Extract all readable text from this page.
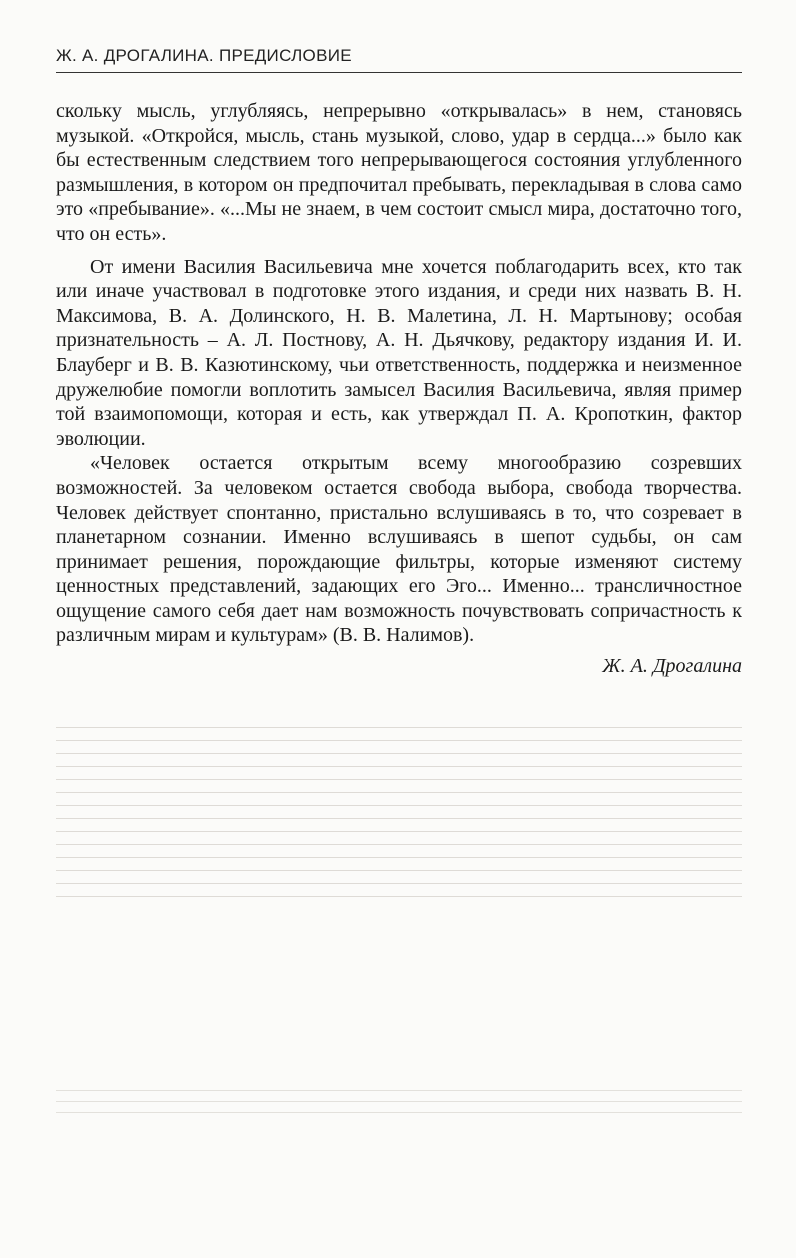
Ж. А. ДРОГАЛИНА. ПРЕДИСЛОВИЕ

скольку мысль, углубляясь, непрерывно «открывалась» в нем, становясь музыкой. «Откройся, мысль, стань музыкой, слово, удар в сердца...» было как бы естественным следствием того непрерывающегося состояния углубленного размышления, в котором он предпочитал пребывать, перекладывая в слова само это «пребывание». «...Мы не знаем, в чем состоит смысл мира, достаточно того, что он есть».

От имени Василия Васильевича мне хочется поблагодарить всех, кто так или иначе участвовал в подготовке этого издания, и среди них назвать В. Н. Максимова, В. А. Долинского, Н. В. Малетина, Л. Н. Мартынову; особая признательность – А. Л. Постнову, А. Н. Дьячкову, редактору издания И. И. Блауберг и В. В. Казютинскому, чьи ответственность, поддержка и неизменное дружелюбие помогли воплотить замысел Василия Васильевича, являя пример той взаимопомощи, которая и есть, как утверждал П. А. Кропоткин, фактор эволюции.

«Человек остается открытым всему многообразию созревших возможностей. За человеком остается свобода выбора, свобода творчества. Человек действует спонтанно, пристально вслушиваясь в то, что созревает в планетарном сознании. Именно вслушиваясь в шепот судьбы, он сам принимает решения, порождающие фильтры, которые изменяют систему ценностных представлений, задающих его Эго... Именно... трансличностное ощущение самого себя дает нам возможность почувствовать сопричастность к различным мирам и культурам» (В. В. Налимов).

Ж. А. Дрогалина
